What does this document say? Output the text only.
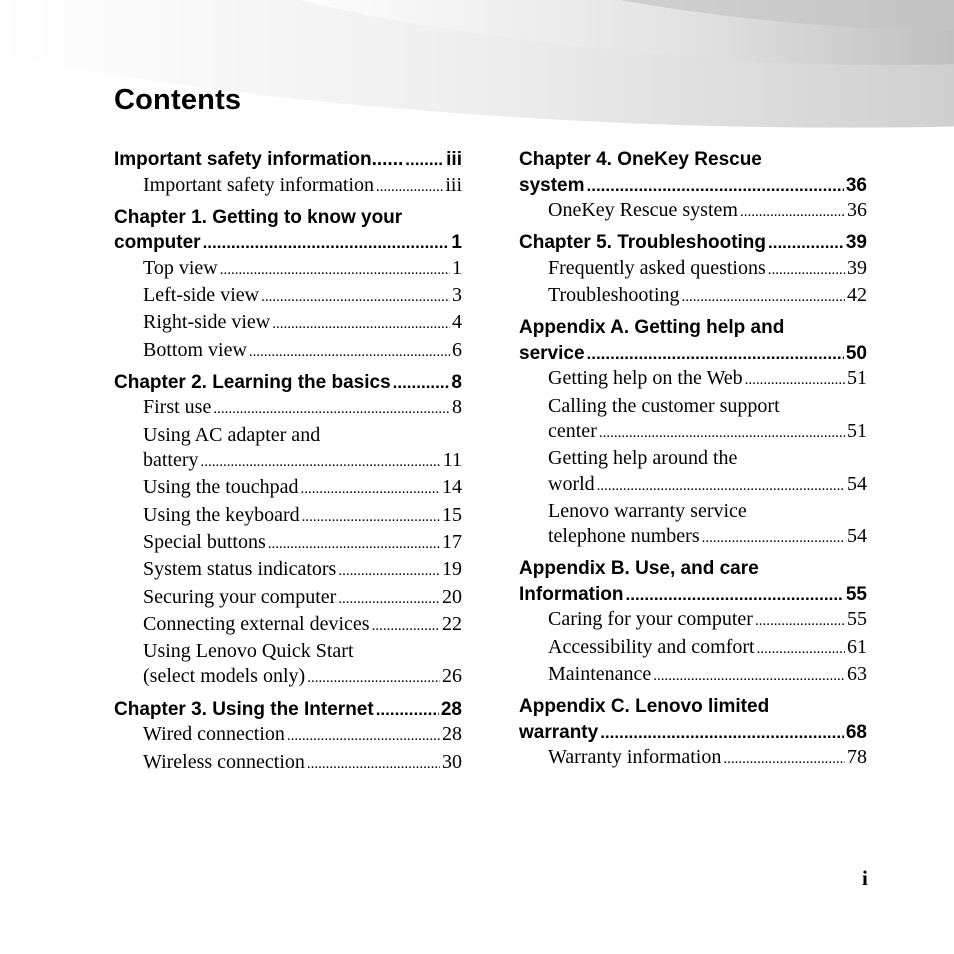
Contents
Important safety information...... ..... iii
Important safety information .....	iii
Chapter 1. Getting to know your
computer .....	1
Top view .....	1
Left-side view .....	3
Right-side view .....	4
Bottom view .....	6
Chapter 2. Learning the basics .....	8
First use .....	8
Using AC adapter and
battery .....	11
Using the touchpad .....	14
Using the keyboard .....	15
Special buttons .....	17
System status indicators .....	19
Securing your computer .....	20
Connecting external devices .....	22
Using Lenovo Quick Start
(select models only) .....	26
Chapter 3. Using the Internet .....	28
Wired connection .....	28
Wireless connection .....	30
Chapter 4. OneKey Rescue
system .....	36
OneKey Rescue system .....	36
Chapter 5. Troubleshooting .....	39
Frequently asked questions .....	39
Troubleshooting .....	42
Appendix A. Getting help and
service .....	50
Getting help on the Web .....	51
Calling the customer support
center .....	51
Getting help around the
world .....	54
Lenovo warranty service
telephone numbers .....	54
Appendix B. Use, and care
Information .....	55
Caring for your computer .....	55
Accessibility and comfort .....	61
Maintenance .....	63
Appendix C. Lenovo limited
warranty .....	68
Warranty information .....	78
i
